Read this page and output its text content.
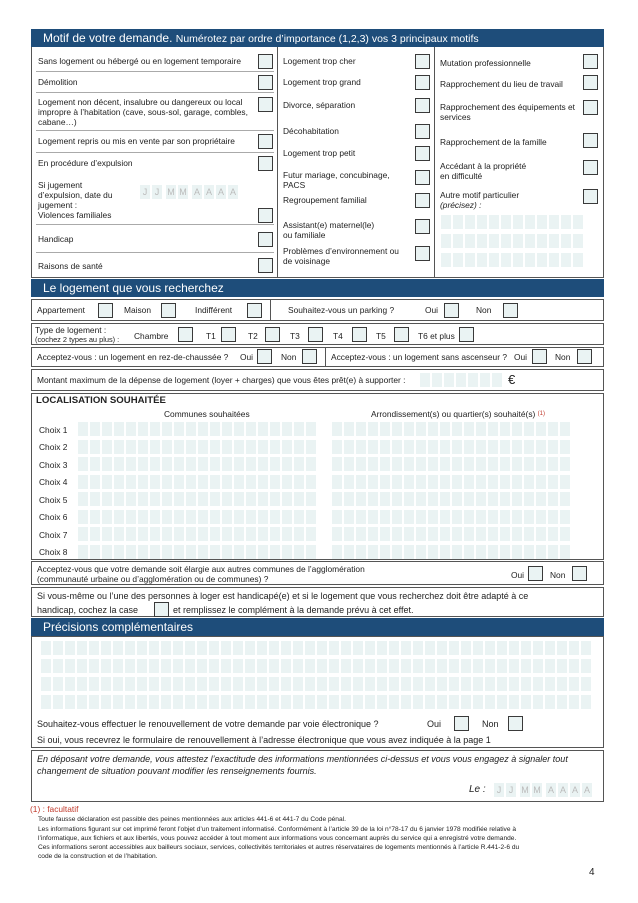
Motif de votre demande. Numérotez par ordre d’importance (1,2,3) vos 3 principaux motifs
Sans logement ou hébergé ou en logement temporaire
Démolition
Logement non décent, insalubre ou dangereux ou local impropre à l’habitation (cave, sous-sol, garage, combles, cabane…)
Logement repris ou mis en vente par son propriétaire
En procédure d’expulsion
Si jugement d’expulsion, date du jugement :
J J M M A A A A
Violences familiales
Handicap
Raisons de santé
Logement trop cher
Logement trop grand
Divorce, séparation
Décohabitation
Logement trop petit
Futur mariage, concubinage, PACS
Regroupement familial
Assistant(e) maternel(le) ou familiale
Problèmes d’environnement ou de voisinage
Mutation professionnelle
Rapprochement du lieu de travail
Rapprochement des équipements et services
Rapprochement de la famille
Accédant à la propriété en difficulté
Autre motif particulier
(précisez) :
Le logement que vous recherchez
Appartement	Maison	Indifférent	Souhaitez-vous un parking ?	Oui	Non
Type de logement :
(cochez 2 types au plus) : Chambre	T1	T2	T3	T4	T5	T6 et plus
Acceptez-vous : un logement en rez-de-chaussée ? Oui	Non	Acceptez-vous : un logement sans ascenseur ? Oui	Non
Montant maximum de la dépense de logement (loyer + charges) que vous êtes prêt(e) à supporter :	€
LOCALISATION SOUHAITÉE
Communes souhaitées	Arrondissement(s) ou quartier(s) souhaité(s) $^{(1)}$
Choix 1
Choix 2
Choix 3
Choix 4
Choix 5
Choix 6
Choix 7
Choix 8
Acceptez-vous que votre demande soit élargie aux autres communes de l’agglomération
(communauté urbaine ou d’agglomération ou de communes) ?	Oui	Non
Si vous-même ou l’une des personnes à loger est handicapé(e) et si le logement que vous recherchez doit être adapté à ce
handicap, cochez la case	et remplissez le complément à la demande prévu à cet effet.
Précisions complémentaires
Souhaitez-vous effectuer le renouvellement de votre demande par voie électronique ?	Oui	Non
Si oui, vous recevrez le formulaire de renouvellement à l’adresse électronique que vous avez indiquée à la page 1
En déposant votre demande, vous attestez l’exactitude des informations mentionnées ci-dessus et vous vous engagez à signaler tout changement de situation pouvant modifier les renseignements fournis.
Le :	J J M M A A A A
(1) : facultatif
Toute fausse déclaration est passible des peines mentionnées aux articles 441-6 et 441-7 du Code pénal.
Les informations figurant sur cet imprimé feront l’objet d’un traitement informatisé. Conformément à l’article 39 de la loi n°78-17 du 6 janvier 1978 modifiée relative à
l’informatique, aux fichiers et aux libertés, vous pouvez accéder à tout moment aux informations vous concernant auprès du service qui a enregistré votre demande.
Ces informations seront accessibles aux bailleurs sociaux, services, collectivités territoriales et autres réservataires de logements mentionnés à l’article R.441-2-6 du
code de la construction et de l’habitation.
4
